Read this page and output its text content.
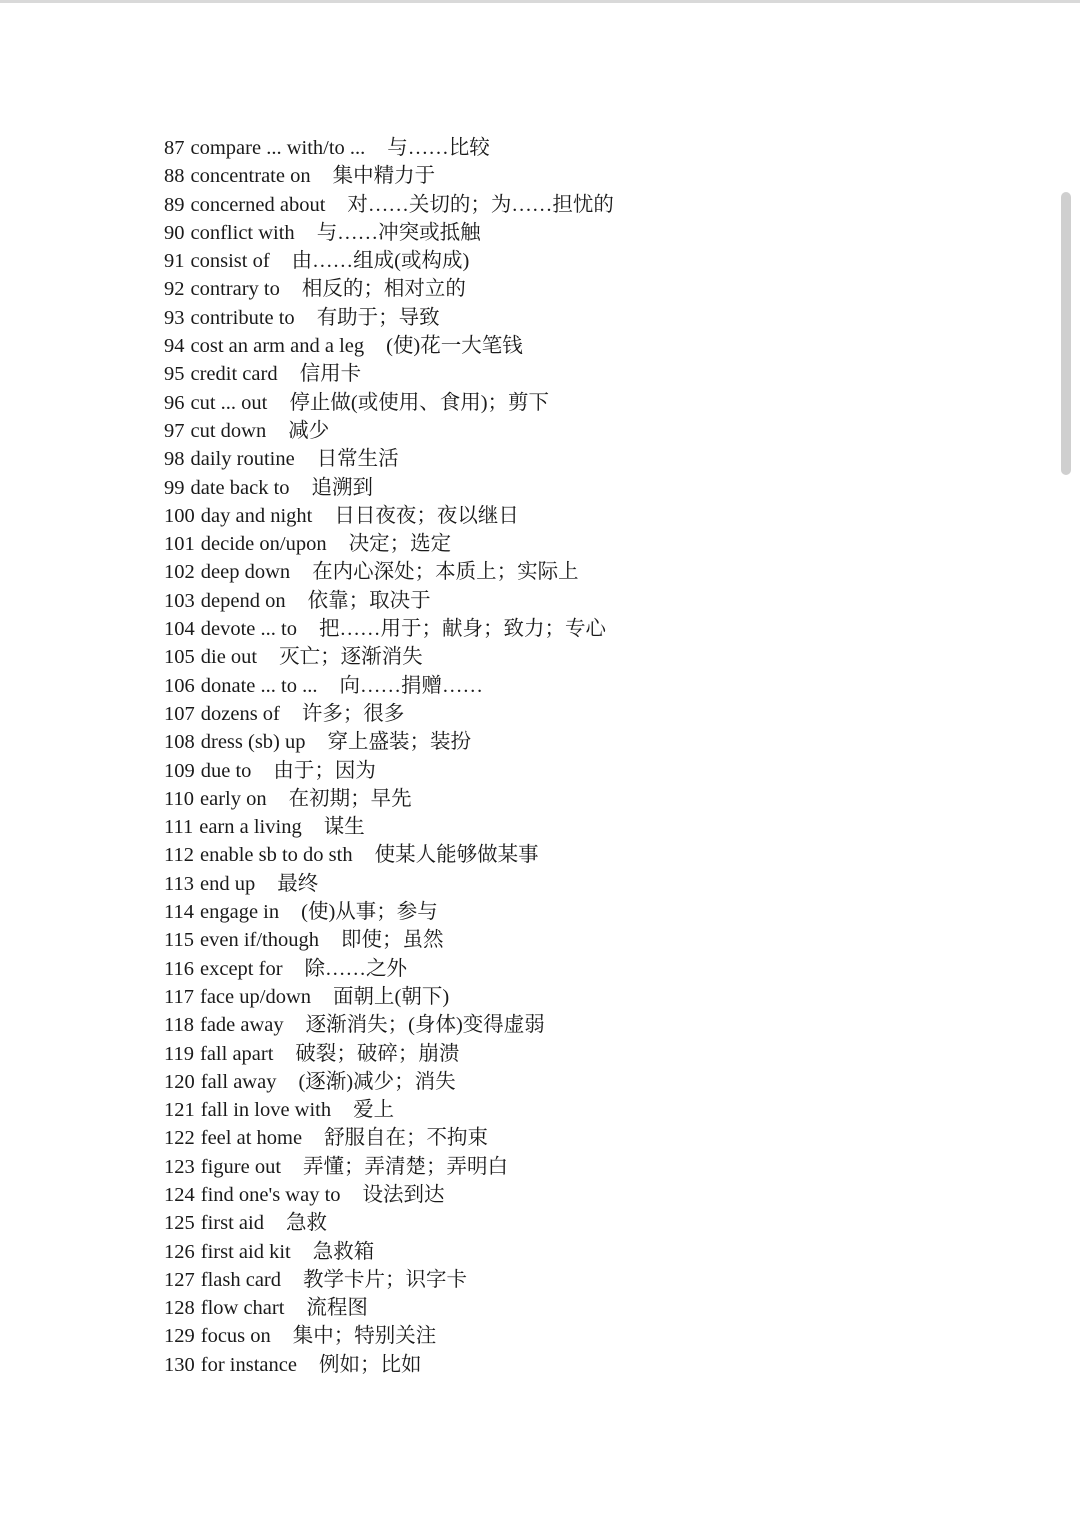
87 compare ... with/to ... 与……比较
88 concentrate on 集中精力于
89 concerned about 对……关切的；为……担忧的
90 conflict with 与……冲突或抵触
91 consist of 由……组成(或构成)
92 contrary to 相反的；相对立的
93 contribute to 有助于；导致
94 cost an arm and a leg (使)花一大笔钱
95 credit card 信用卡
96 cut ... out 停止做(或使用、食用)；剪下
97 cut down 减少
98 daily routine 日常生活
99 date back to 追溯到
100 day and night 日日夜夜；夜以继日
101 decide on/upon 决定；选定
102 deep down 在内心深处；本质上；实际上
103 depend on 依靠；取决于
104 devote ... to 把……用于；献身；致力；专心
105 die out 灭亡；逐渐消失
106 donate ... to ... 向……捐赠……
107 dozens of 许多；很多
108 dress (sb) up 穿上盛装；装扮
109 due to 由于；因为
110 early on 在初期；早先
111 earn a living 谋生
112 enable sb to do sth 使某人能够做某事
113 end up 最终
114 engage in (使)从事；参与
115 even if/though 即使；虽然
116 except for 除……之外
117 face up/down 面朝上(朝下)
118 fade away 逐渐消失；(身体)变得虚弱
119 fall apart 破裂；破碎；崩溃
120 fall away (逐渐)减少；消失
121 fall in love with 爱上
122 feel at home 舒服自在；不拘束
123 figure out 弄懂；弄清楚；弄明白
124 find one's way to 设法到达
125 first aid 急救
126 first aid kit 急救箱
127 flash card 教学卡片；识字卡
128 flow chart 流程图
129 focus on 集中；特别关注
130 for instance 例如；比如
